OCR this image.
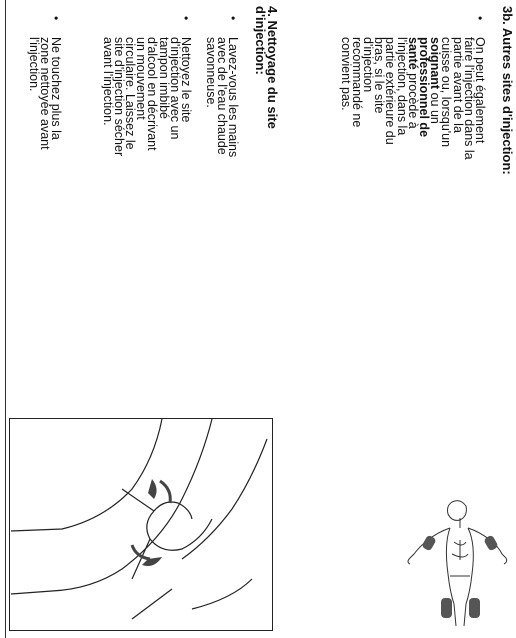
3b. Autres sites d'injection:
•
On peut également
faire l'injection dans la
partie avant de la
cuisse ou, lorsqu'un
soignant ou un
professionnel de
santé procède à
l'injection, dans la
partie extérieure du
bras, si le site
d'injection
recommandé ne
convient pas.
4. Nettoyage du site
d'injection:
•
Lavez-vous les mains
avec de l'eau chaude
savonneuse.
•
Nettoyez le site
d'injection avec un
tampon imbibé
d'alcool en décrivant
un mouvement
circulaire. Laissez le
site d'injection sécher
avant l'injection.
•
Ne touchez plus la
zone nettoyée avant
l'injection.
